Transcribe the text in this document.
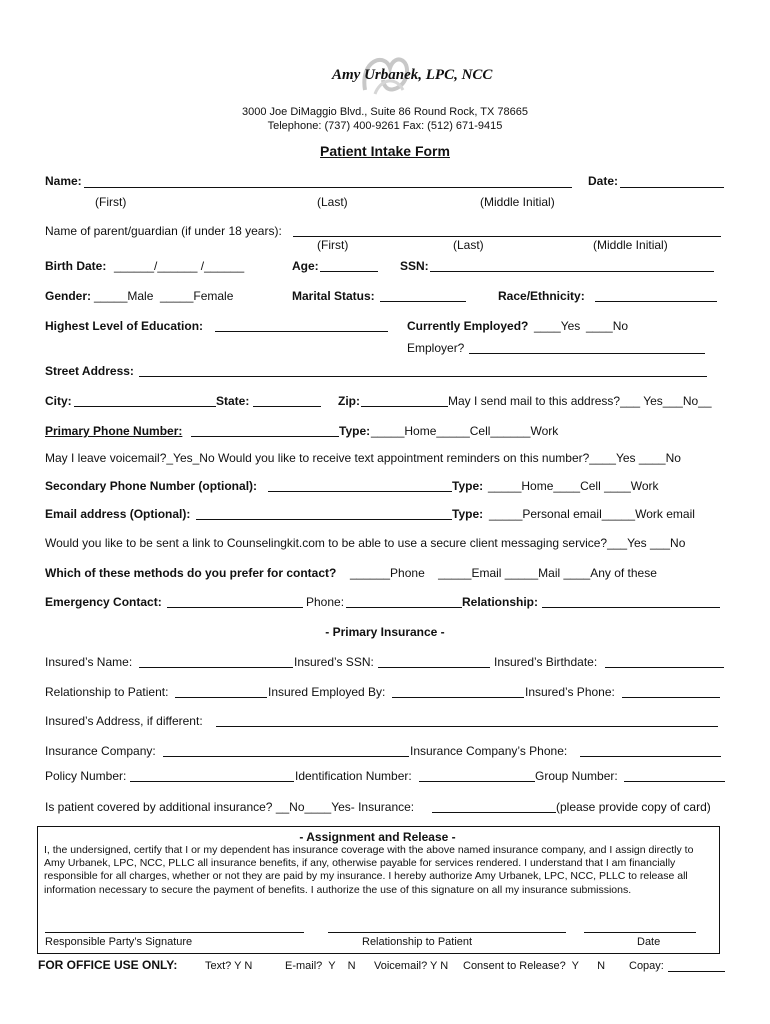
Amy Urbanek, LPC, NCC
3000 Joe DiMaggio Blvd., Suite 86 Round Rock, TX 78665
Telephone: (737) 400-9261 Fax: (512) 671-9415
Patient Intake Form
Name:	Date:
(First)	(Last)	(Middle Initial)
Name of parent/guardian (if under 18 years):
(First)	(Last)	(Middle Initial)
Birth Date: ______/______ /______	Age:	SSN:
Gender: _____Male _____Female	Marital Status:	Race/Ethnicity:
Highest Level of Education:	Currently Employed? ____Yes ____No
Employer?
Street Address:
City:	State:	Zip:	May I send mail to this address?___ Yes___No__
Primary Phone Number:	Type: _____Home_____Cell______Work
May I leave voicemail?_Yes_No Would you like to receive text appointment reminders on this number?____Yes ____No
Secondary Phone Number (optional):	Type: _____Home____Cell ____Work
Email address (Optional):	Type: _____Personal email_____Work email
Would you like to be sent a link to Counselingkit.com to be able to use a secure client messaging service?___Yes ___No
Which of these methods do you prefer for contact? ______Phone    _____Email _____Mail ____Any of these
Emergency Contact:	Phone:	Relationship:
- Primary Insurance -
Insured’s Name:	Insured’s SSN:	Insured’s Birthdate:
Relationship to Patient:	Insured Employed By:	Insured’s Phone:
Insured’s Address, if different:
Insurance Company:	Insurance Company’s Phone:
Policy Number:	Identification Number:	Group Number:
Is patient covered by additional insurance? __No____Yes- Insurance:	(please provide copy of card)
- Assignment and Release -
I, the undersigned, certify that I or my dependent has insurance coverage with the above named insurance company, and I assign directly to Amy Urbanek, LPC, NCC, PLLC all insurance benefits, if any, otherwise payable for services rendered. I understand that I am financially responsible for all charges, whether or not they are paid by my insurance. I hereby authorize Amy Urbanek, LPC, NCC, PLLC to release all information necessary to secure the payment of benefits. I authorize the use of this signature on all my insurance submissions.
Responsible Party’s Signature	Relationship to Patient	Date
FOR OFFICE USE ONLY:	Text? Y N	E-mail?  Y    N Voicemail? Y N Consent to Release?  Y      N Copay:
